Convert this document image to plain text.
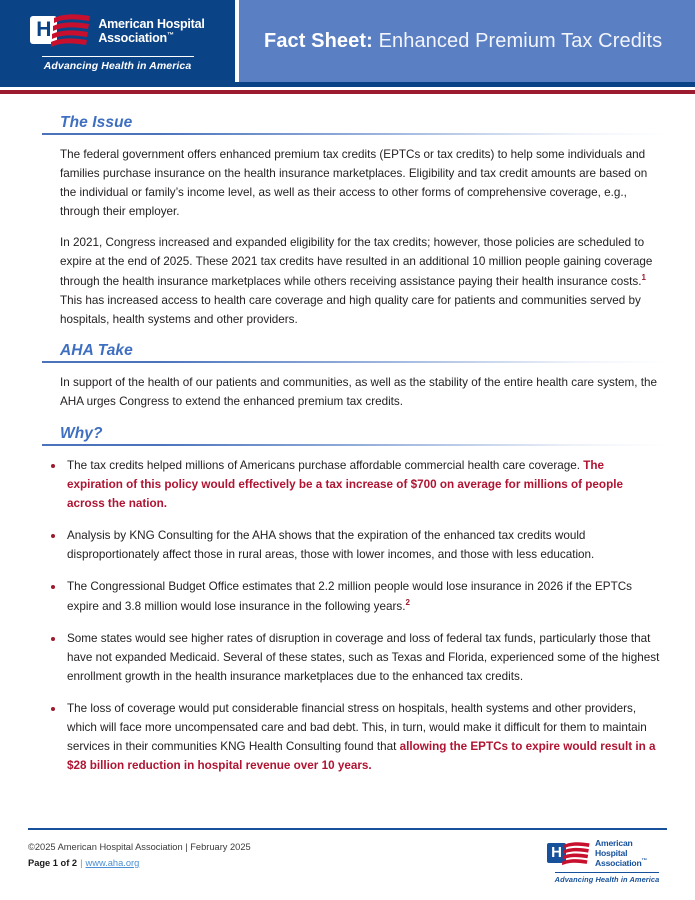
H	American Hospital
Association™
Advancing Health in America
Fact Sheet: Enhanced Premium Tax Credits
The Issue

The federal government offers enhanced premium tax credits (EPTCs or tax credits) to help some individuals and families purchase insurance on the health insurance marketplaces. Eligibility and tax credit amounts are based on the individual or family’s income level, as well as their access to other forms of comprehensive coverage, e.g., through their employer.

In 2021, Congress increased and expanded eligibility for the tax credits; however, those policies are scheduled to expire at the end of 2025. These 2021 tax credits have resulted in an additional 10 million people gaining coverage through the health insurance marketplaces while others receiving assistance paying their health insurance costs.$^1$ This has increased access to health care coverage and high quality care for patients and communities served by hospitals, health systems and other providers.

AHA Take

In support of the health of our patients and communities, as well as the stability of the entire health care system, the AHA urges Congress to extend the enhanced premium tax credits.

Why?
The tax credits helped millions of Americans purchase affordable commercial health care coverage. The expiration of this policy would effectively be a tax increase of $700 on average for millions of people across the nation.
Analysis by KNG Consulting for the AHA shows that the expiration of the enhanced tax credits would disproportionately affect those in rural areas, those with lower incomes, and those with less education.
The Congressional Budget Office estimates that 2.2 million people would lose insurance in 2026 if the EPTCs expire and 3.8 million would lose insurance in the following years.$^2$
Some states would see higher rates of disruption in coverage and loss of federal tax funds, particularly those that have not expanded Medicaid. Several of these states, such as Texas and Florida, experienced some of the highest enrollment growth in the health insurance marketplaces due to the enhanced tax credits.
The loss of coverage would put considerable financial stress on hospitals, health systems and other providers, which will face more uncompensated care and bad debt. This, in turn, would make it difficult for them to maintain services in their communities KNG Health Consulting found that allowing the EPTCs to expire would result in a $28 billion reduction in hospital revenue over 10 years.
©2025 American Hospital Association | February 2025
Page 1 of 2 | www.aha.org
H
American Hospital
Association™
Advancing Health in America
